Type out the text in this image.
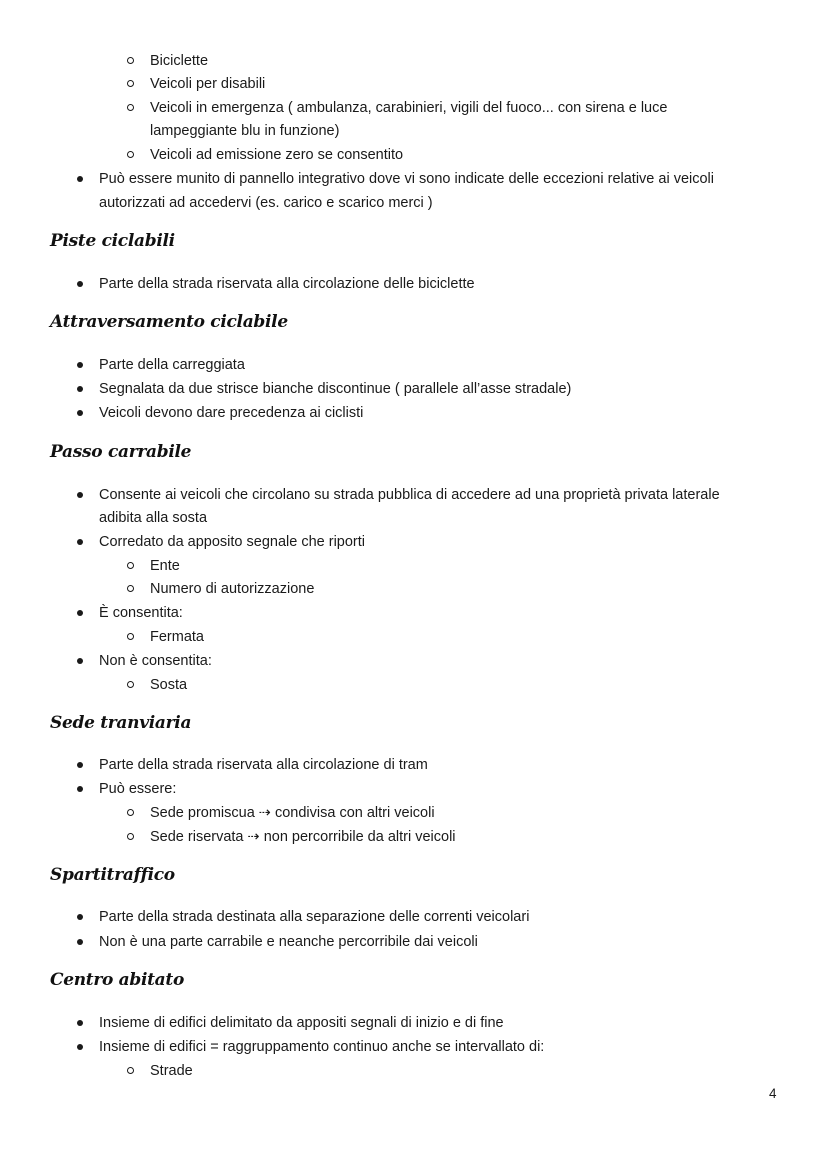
Biciclette
Veicoli per disabili
Veicoli in emergenza ( ambulanza, carabinieri, vigili del fuoco... con sirena e luce
lampeggiante blu in funzione)
Veicoli ad emissione zero se consentito
Può essere munito di pannello integrativo dove vi sono indicate delle eccezioni relative ai veicoli
autorizzati ad accedervi (es. carico e scarico merci )
Piste ciclabili
Parte della strada riservata alla circolazione delle biciclette
Attraversamento ciclabile
Parte della carreggiata
Segnalata da due strisce bianche discontinue ( parallele all’asse stradale)
Veicoli devono dare precedenza ai ciclisti
Passo carrabile
Consente ai veicoli che circolano su strada pubblica di accedere ad una proprietà privata laterale
adibita alla sosta
Corredato da apposito segnale che riporti
Ente
Numero di autorizzazione
È consentita:
Fermata
Non è consentita:
Sosta
Sede tranviaria
Parte della strada riservata alla circolazione di tram
Può essere:
Sede promiscua ⇢ condivisa con altri veicoli
Sede riservata ⇢ non percorribile da altri veicoli
Spartitraffico
Parte della strada destinata alla separazione delle correnti veicolari
Non è una parte carrabile e neanche percorribile dai veicoli
Centro abitato
Insieme di edifici delimitato da appositi segnali di inizio e di fine
Insieme di edifici = raggruppamento continuo anche se intervallato di:
Strade
4
